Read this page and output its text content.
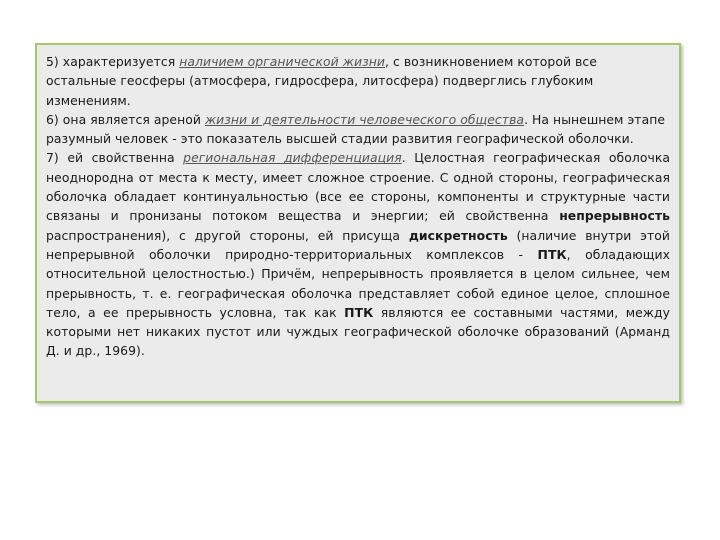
5) характеризуется наличием органической жизни, с возникновением которой все остальные геосферы (атмосфера, гидросфера, литосфера) подверглись глубоким изменениям.

6) она является ареной жизни и деятельности человеческого общества. На нынешнем этапе разумный человек - это показатель высшей стадии развития географической оболочки.

7) ей свойственна региональная дифференциация. Целостная географическая оболочка неоднородна от места к месту, имеет сложное строение. С одной стороны, географическая оболочка обладает континуальностью (все ее стороны, компоненты и структурные части связаны и пронизаны потоком вещества и энергии; ей свойственна непрерывность распространения), с другой стороны, ей присуща дискретность (наличие внутри этой непрерывной оболочки природно-территориальных комплексов - ПТК, обладающих относительной целостностью.) Причём, непрерывность проявляется в целом сильнее, чем прерывность, т. е. географическая оболочка представляет собой единое целое, сплошное тело, а ее прерывность условна, так как ПТК являются ее составными частями, между которыми нет никаких пустот или чуждых географической оболочке образований (Арманд Д. и др., 1969).
